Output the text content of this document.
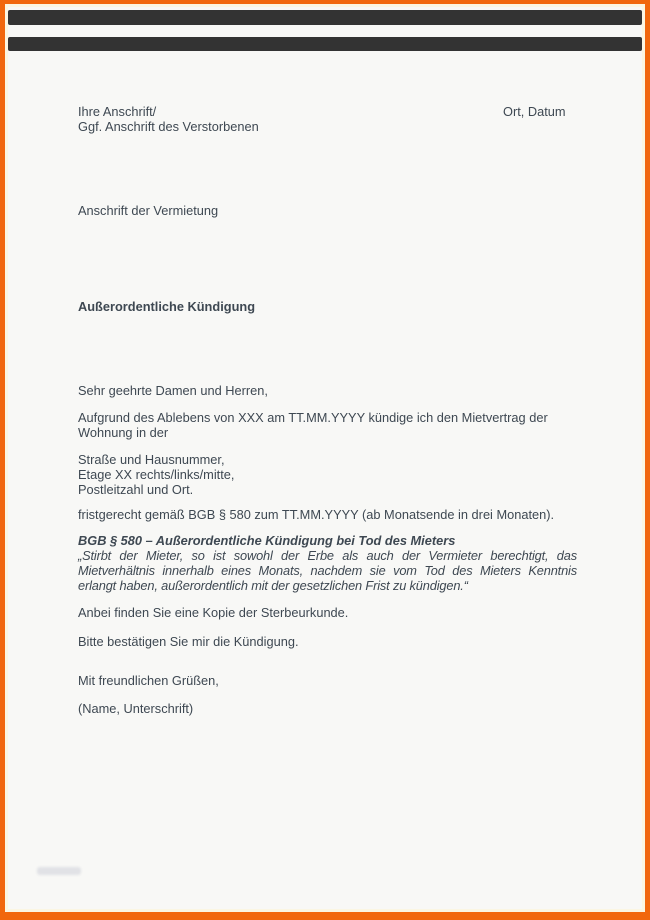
Ihre Anschrift/
Ggf. Anschrift des Verstorbenen
Ort, Datum
Anschrift der Vermietung
Außerordentliche Kündigung
Sehr geehrte Damen und Herren,
Aufgrund des Ablebens von XXX am TT.MM.YYYY kündige ich den Mietvertrag der Wohnung in der
Straße und Hausnummer,
Etage XX rechts/links/mitte,
Postleitzahl und Ort.
fristgerecht gemäß BGB § 580 zum TT.MM.YYYY (ab Monatsende in drei Monaten).
BGB § 580 – Außerordentliche Kündigung bei Tod des Mieters
„Stirbt der Mieter, so ist sowohl der Erbe als auch der Vermieter berechtigt, das Mietverhältnis innerhalb eines Monats, nachdem sie vom Tod des Mieters Kenntnis erlangt haben, außerordentlich mit der gesetzlichen Frist zu kündigen.“
Anbei finden Sie eine Kopie der Sterbeurkunde.
Bitte bestätigen Sie mir die Kündigung.
Mit freundlichen Grüßen,
(Name, Unterschrift)
